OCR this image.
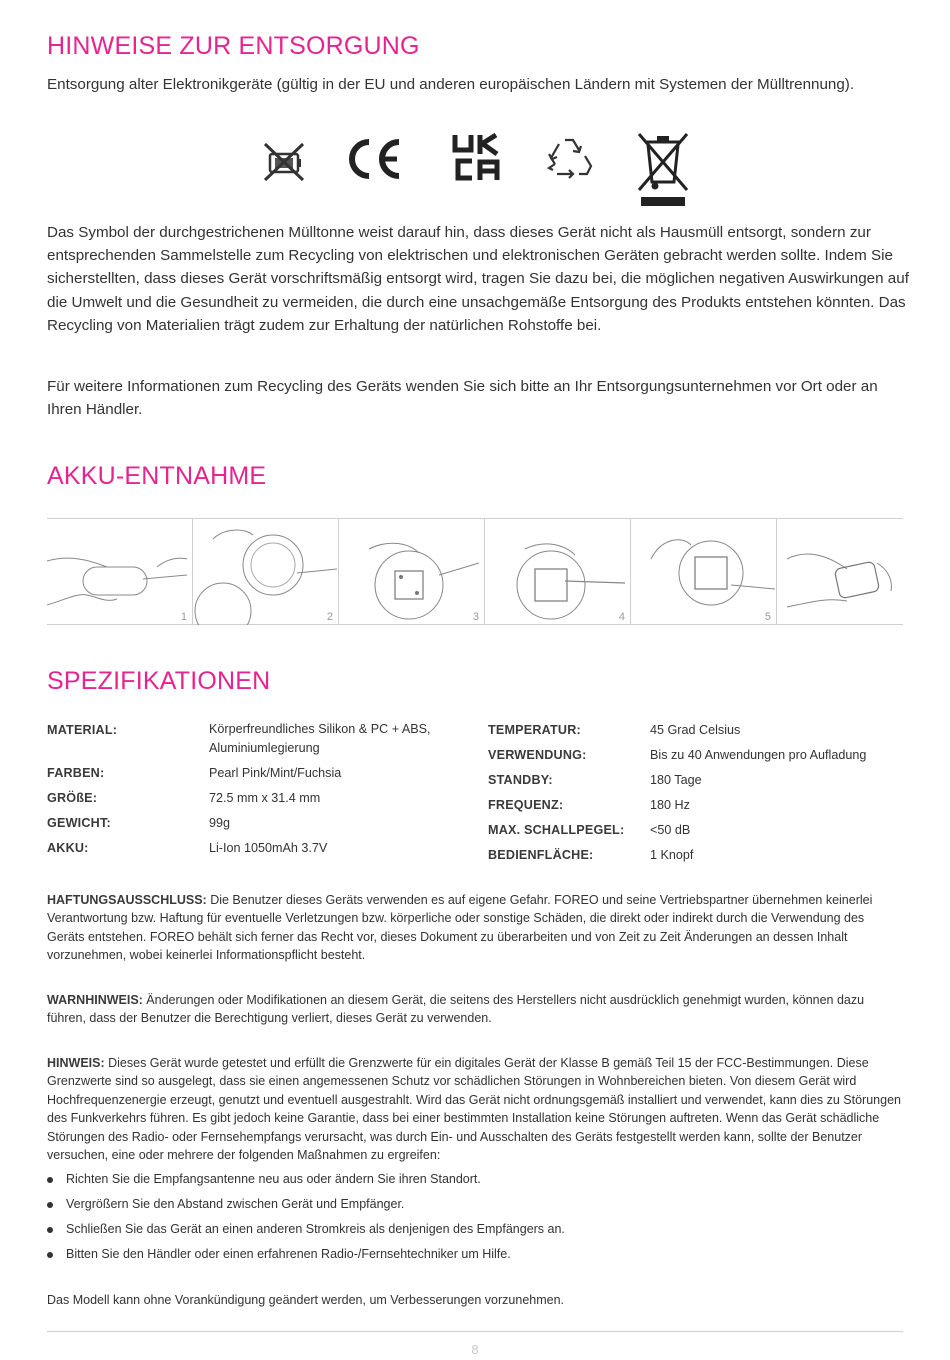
HINWEISE ZUR ENTSORGUNG
Entsorgung alter Elektronikgeräte (gültig in der EU und anderen europäischen Ländern mit Systemen der Mülltrennung).
Das Symbol der durchgestrichenen Mülltonne weist darauf hin, dass dieses Gerät nicht als Hausmüll entsorgt, sondern zur entsprechenden Sammelstelle zum Recycling von elektrischen und elektronischen Geräten gebracht werden sollte. Indem Sie sicherstellten, dass dieses Gerät vorschriftsmäßig entsorgt wird, tragen Sie dazu bei, die möglichen negativen Auswirkungen auf die Umwelt und die Gesundheit zu vermeiden, die durch eine unsachgemäße Entsorgung des Produkts entstehen könnten. Das Recycling von Materialien trägt zudem zur Erhaltung der natürlichen Rohstoffe bei.
Für weitere Informationen zum Recycling des Geräts wenden Sie sich bitte an Ihr Entsorgungsunternehmen vor Ort oder an Ihren Händler.
AKKU-ENTNAHME
1	2	3	4	5
SPEZIFIKATIONEN
MATERIAL:	Körperfreundliches Silikon & PC + ABS, Aluminiumlegierung
FARBEN:	Pearl Pink/Mint/Fuchsia
GRÖßE:	72.5 mm x 31.4 mm
GEWICHT:	99g
AKKU:	Li-Ion 1050mAh 3.7V
TEMPERATUR:	45 Grad Celsius
VERWENDUNG:	Bis zu 40 Anwendungen pro Aufladung
STANDBY:	180 Tage
FREQUENZ:	180 Hz
MAX. SCHALLPEGEL: <50 dB
BEDIENFLÄCHE:	1 Knopf
HAFTUNGSAUSSCHLUSS: Die Benutzer dieses Geräts verwenden es auf eigene Gefahr. FOREO und seine Vertriebspartner übernehmen keinerlei Verantwortung bzw. Haftung für eventuelle Verletzungen bzw. körperliche oder sonstige Schäden, die direkt oder indirekt durch die Verwendung des Geräts entstehen. FOREO behält sich ferner das Recht vor, dieses Dokument zu überarbeiten und von Zeit zu Zeit Änderungen an dessen Inhalt vorzunehmen, wobei keinerlei Informationspflicht besteht.
WARNHINWEIS: Änderungen oder Modifikationen an diesem Gerät, die seitens des Herstellers nicht ausdrücklich genehmigt wurden, können dazu führen, dass der Benutzer die Berechtigung verliert, dieses Gerät zu verwenden.
HINWEIS: Dieses Gerät wurde getestet und erfüllt die Grenzwerte für ein digitales Gerät der Klasse B gemäß Teil 15 der FCC-Bestimmungen. Diese Grenzwerte sind so ausgelegt, dass sie einen angemessenen Schutz vor schädlichen Störungen in Wohnbereichen bieten. Von diesem Gerät wird Hochfrequenzenergie erzeugt, genutzt und eventuell ausgestrahlt. Wird das Gerät nicht ordnungsgemäß installiert und verwendet, kann dies zu Störungen des Funkverkehrs führen. Es gibt jedoch keine Garantie, dass bei einer bestimmten Installation keine Störungen auftreten. Wenn das Gerät schädliche Störungen des Radio- oder Fernsehempfangs verursacht, was durch Ein- und Ausschalten des Geräts festgestellt werden kann, sollte der Benutzer versuchen, eine oder mehrere der folgenden Maßnahmen zu ergreifen:
Richten Sie die Empfangsantenne neu aus oder ändern Sie ihren Standort.
Vergrößern Sie den Abstand zwischen Gerät und Empfänger.
Schließen Sie das Gerät an einen anderen Stromkreis als denjenigen des Empfängers an.
Bitten Sie den Händler oder einen erfahrenen Radio-/Fernsehtechniker um Hilfe.
Das Modell kann ohne Vorankündigung geändert werden, um Verbesserungen vorzunehmen.
8
